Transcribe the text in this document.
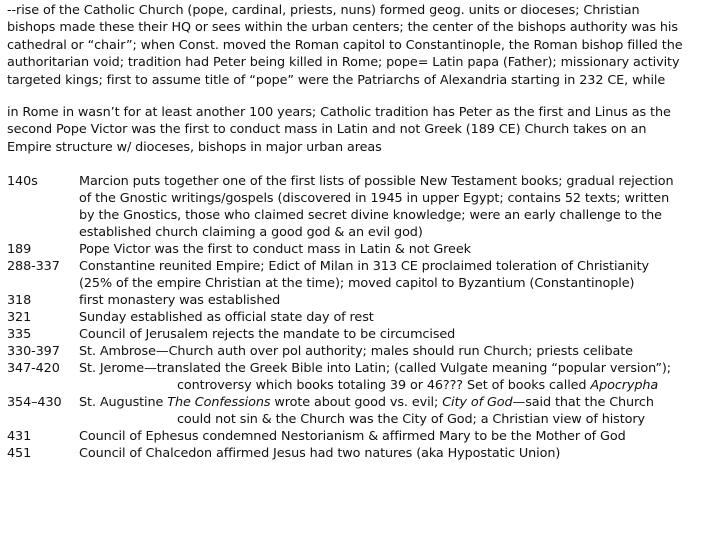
--rise of the Catholic Church (pope, cardinal, priests, nuns) formed geog. units or dioceses; Christian
bishops made these their HQ or sees within the urban centers; the center of the bishops authority was his
cathedral or “chair”; when Const. moved the Roman capitol to Constantinople, the Roman bishop filled the
authoritarian void; tradition had Peter being killed in Rome; pope= Latin papa (Father); missionary activity
targeted kings; first to assume title of “pope” were the Patriarchs of Alexandria starting in 232 CE, while
in Rome in wasn’t for at least another 100 years; Catholic tradition has Peter as the first and Linus as the
second Pope Victor was the first to conduct mass in Latin and not Greek (189 CE) Church takes on an
Empire structure w/ dioceses, bishops in major urban areas
140s	Marcion puts together one of the first lists of possible New Testament books; gradual rejection
of the Gnostic writings/gospels (discovered in 1945 in upper Egypt; contains 52 texts; written
by the Gnostics, those who claimed secret divine knowledge; were an early challenge to the
established church claiming a good god & an evil god)
189	Pope Victor was the first to conduct mass in Latin & not Greek
288-337	Constantine reunited Empire; Edict of Milan in 313 CE proclaimed toleration of Christianity
(25% of the empire Christian at the time); moved capitol to Byzantium (Constantinople)
318	first monastery was established
321	Sunday established as official state day of rest
335	Council of Jerusalem rejects the mandate to be circumcised
330-397	St. Ambrose—Church auth over pol authority; males should run Church; priests celibate
347-420	St. Jerome—translated the Greek Bible into Latin; (called Vulgate meaning “popular version”);
controversy which books totaling 39 or 46??? Set of books called Apocrypha
354–430	St. Augustine The Confessions wrote about good vs. evil; City of God—said that the Church
could not sin & the Church was the City of God; a Christian view of history
431	Council of Ephesus condemned Nestorianism & affirmed Mary to be the Mother of God
451	Council of Chalcedon affirmed Jesus had two natures (aka Hypostatic Union)
